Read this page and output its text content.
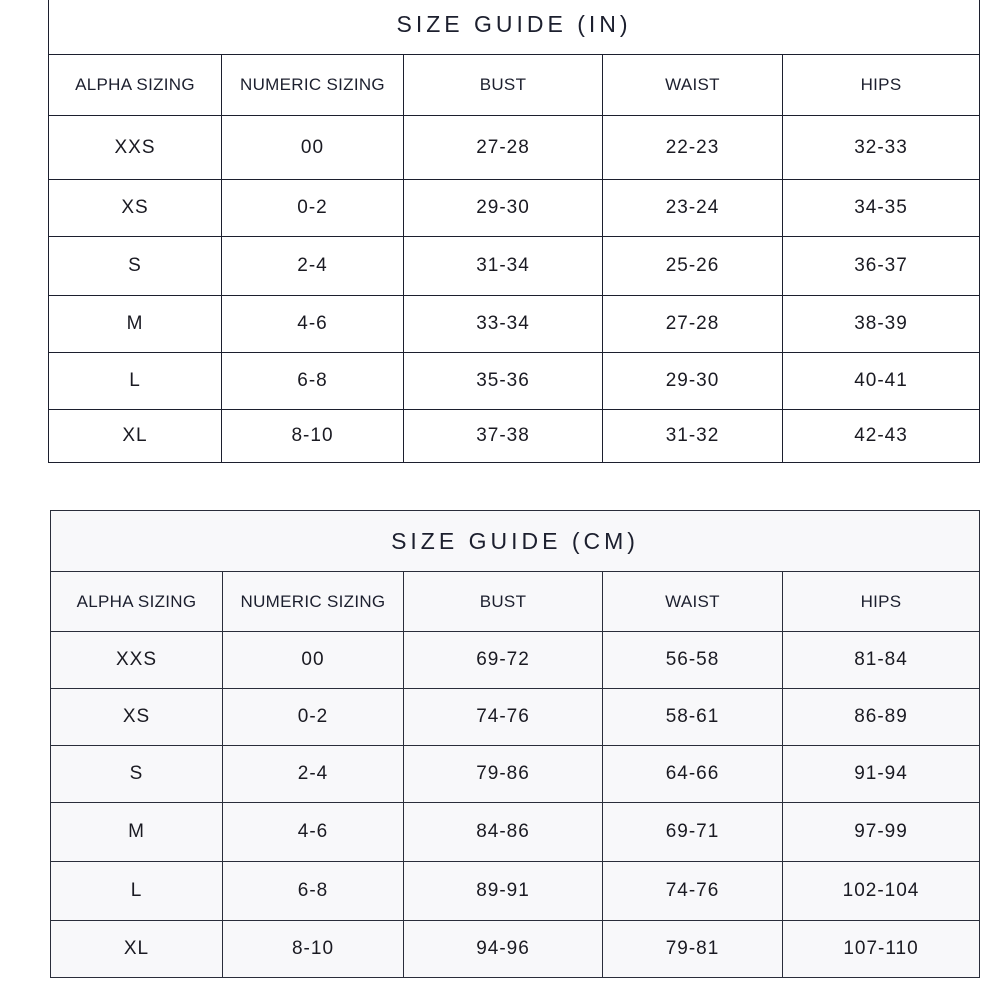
SIZE GUIDE (IN)				
ALPHA SIZING	NUMERIC SIZING	BUST	WAIST	HIPS
XXS	00	27-28	22-23	32-33
XS	0-2	29-30	23-24	34-35
S	2-4	31-34	25-26	36-37
M	4-6	33-34	27-28	38-39
L	6-8	35-36	29-30	40-41
XL	8-10	37-38	31-32	42-43
SIZE GUIDE (CM)				
ALPHA SIZING	NUMERIC SIZING	BUST	WAIST	HIPS
XXS	00	69-72	56-58	81-84
XS	0-2	74-76	58-61	86-89
S	2-4	79-86	64-66	91-94
M	4-6	84-86	69-71	97-99
L	6-8	89-91	74-76	102-104
XL	8-10	94-96	79-81	107-110
